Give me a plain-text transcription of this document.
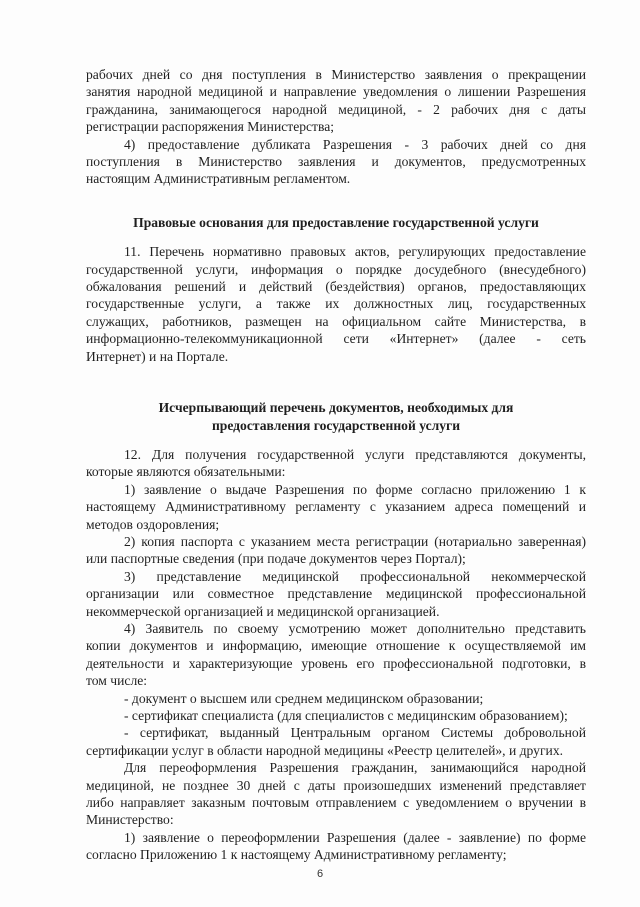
рабочих дней со дня поступления в Министерство заявления о прекращении
занятия народной медициной и направление уведомления о лишении Разрешения
гражданина, занимающегося народной медициной, - 2 рабочих дня с даты
регистрации распоряжения Министерства;
4) предоставление дубликата Разрешения - 3 рабочих дней со дня
поступления в Министерство заявления и документов, предусмотренных
настоящим Административным регламентом.
Правовые основания для предоставление государственной услуги
11. Перечень нормативно правовых актов, регулирующих предоставление
государственной услуги, информация о порядке досудебного (внесудебного)
обжалования решений и действий (бездействия) органов, предоставляющих
государственные услуги, а также их должностных лиц, государственных
служащих, работников, размещен на официальном сайте Министерства, в
информационно-телекоммуникационной сети «Интернет» (далее - сеть
Интернет) и на Портале.
Исчерпывающий перечень документов, необходимых для
предоставления государственной услуги
12. Для получения государственной услуги представляются документы,
которые являются обязательными:
1) заявление о выдаче Разрешения по форме согласно приложению 1 к
настоящему Административному регламенту с указанием адреса помещений и
методов оздоровления;
2) копия паспорта с указанием места регистрации (нотариально заверенная)
или паспортные сведения (при подаче документов через Портал);
3) представление медицинской профессиональной некоммерческой
организации или совместное представление медицинской профессиональной
некоммерческой организацией и медицинской организацией.
4) Заявитель по своему усмотрению может дополнительно представить
копии документов и информацию, имеющие отношение к осуществляемой им
деятельности и характеризующие уровень его профессиональной подготовки, в
том числе:
- документ о высшем или среднем медицинском образовании;
- сертификат специалиста (для специалистов с медицинским образованием);
- сертификат, выданный Центральным органом Системы добровольной
сертификации услуг в области народной медицины «Реестр целителей», и других.
Для переоформления Разрешения гражданин, занимающийся народной
медициной, не позднее 30 дней с даты произошедших изменений представляет
либо направляет заказным почтовым отправлением с уведомлением о вручении в
Министерство:
1) заявление о переоформлении Разрешения (далее - заявление) по форме
согласно Приложению 1 к настоящему Административному регламенту;
6
